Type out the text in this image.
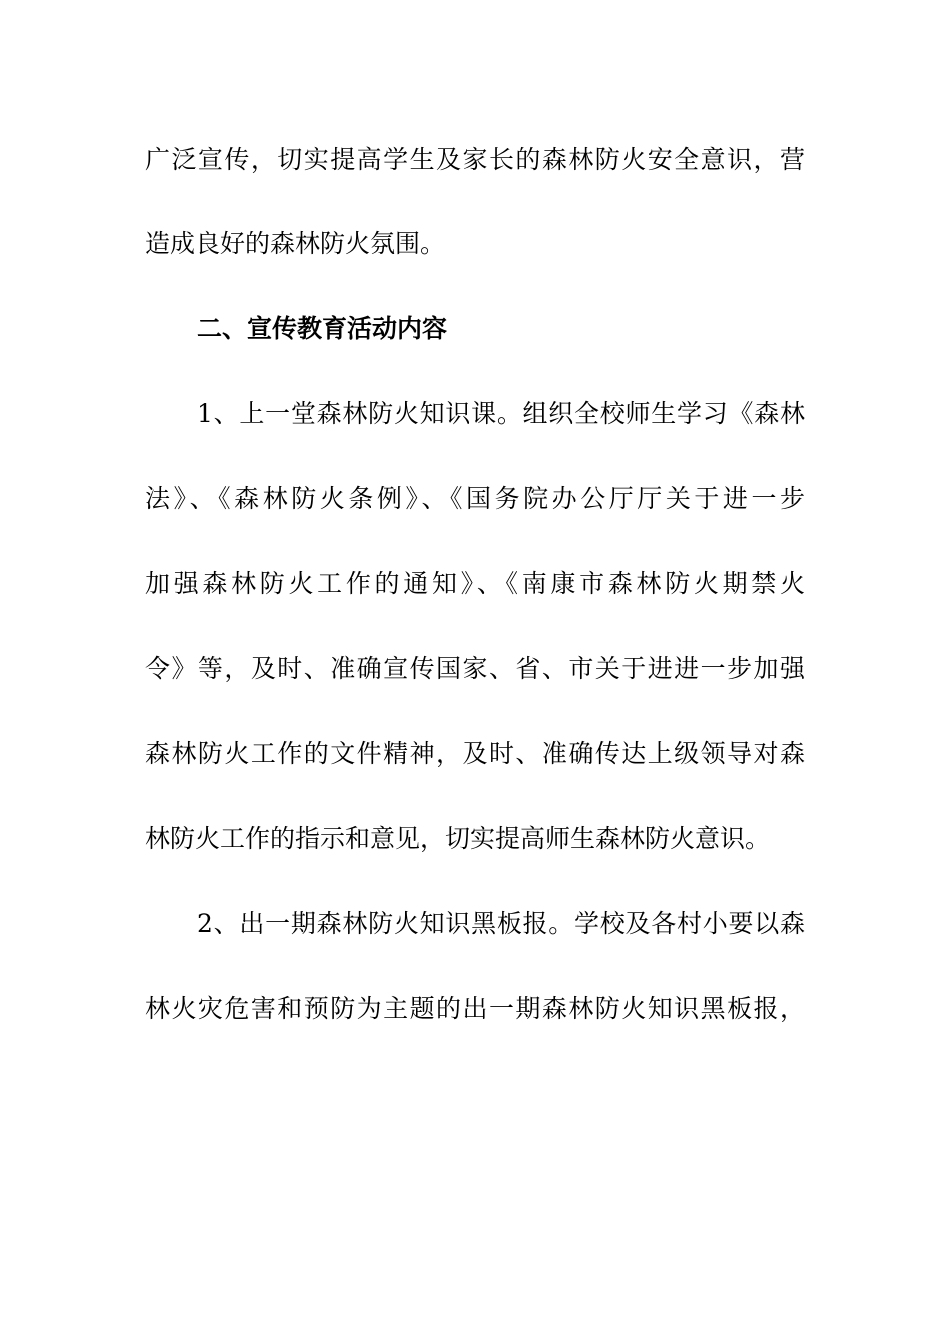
广泛宣传，切实提高学生及家长的森林防火安全意识，营
造成良好的森林防火氛围。
二、宣传教育活动内容
1、上一堂森林防火知识课。组织全校师生学习《森林
法》、《森林防火条例》、《国务院办公厅厅关于进一步
加强森林防火工作的通知》、《南康市森林防火期禁火
令》等，及时、准确宣传国家、省、市关于进进一步加强
森林防火工作的文件精神，及时、准确传达上级领导对森
林防火工作的指示和意见，切实提高师生森林防火意识。
2、出一期森林防火知识黑板报。学校及各村小要以森
林火灾危害和预防为主题的出一期森林防火知识黑板报，
